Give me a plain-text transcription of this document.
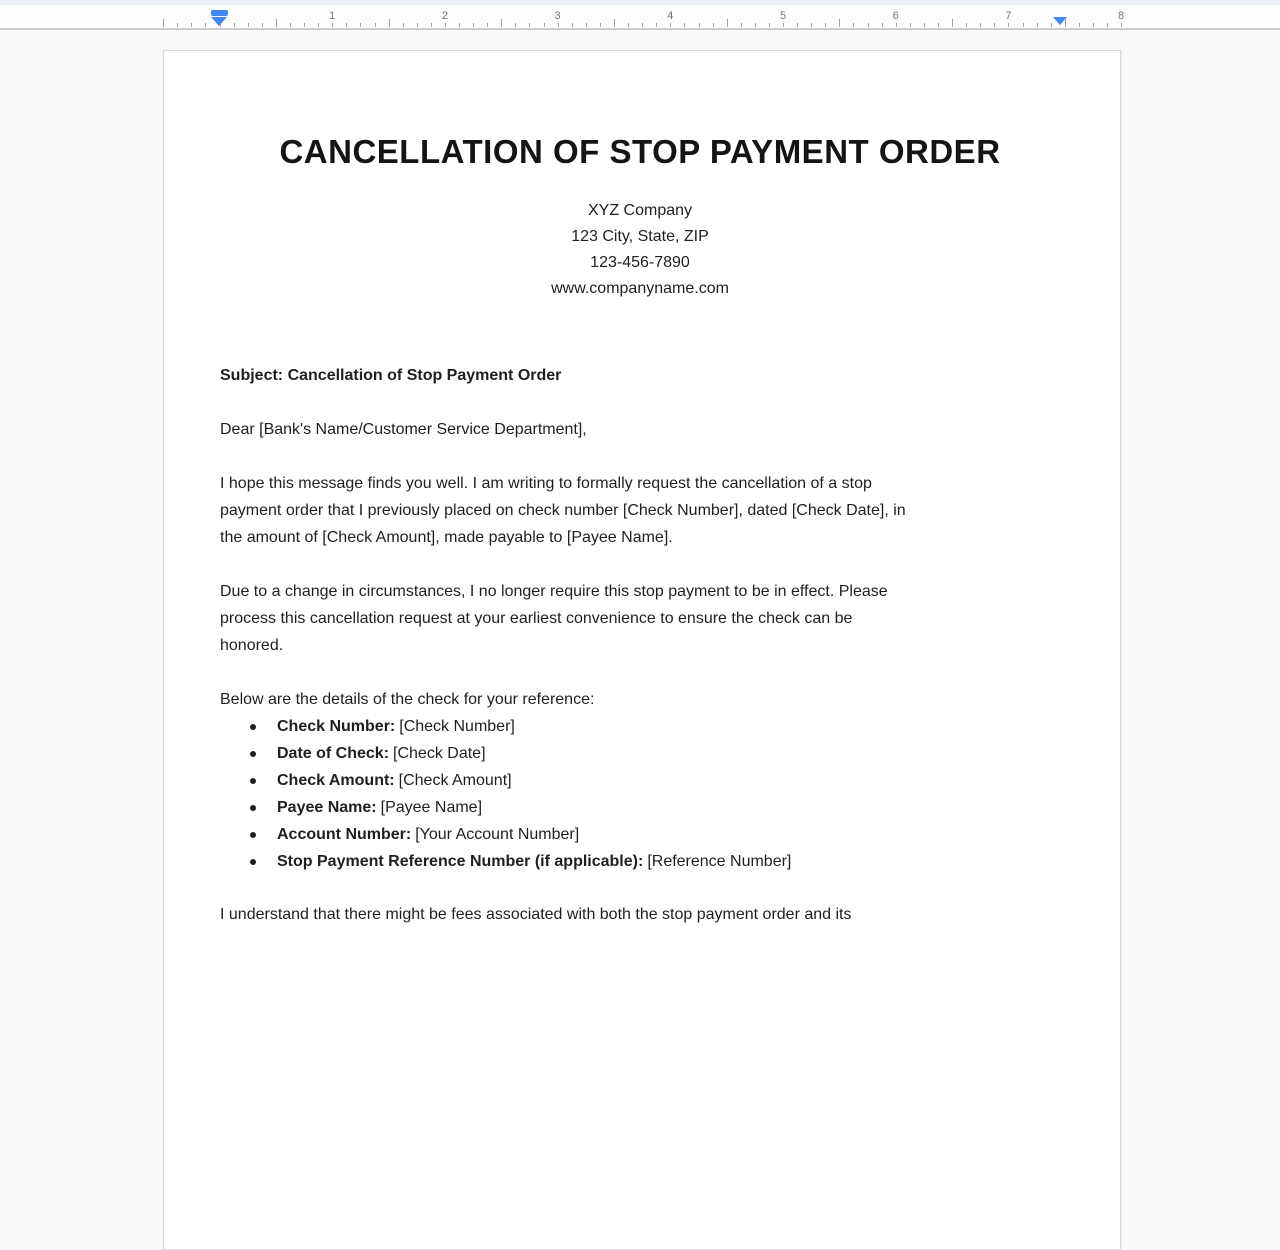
1	2	3	4	5	6	7	8
CANCELLATION OF STOP PAYMENT ORDER
XYZ Company
123 City, State, ZIP
123-456-7890
www.companyname.com
Subject: Cancellation of Stop Payment Order
Dear [Bank's Name/Customer Service Department],
I hope this message finds you well. I am writing to formally request the cancellation of a stop
payment order that I previously placed on check number [Check Number], dated [Check Date], in
the amount of [Check Amount], made payable to [Payee Name].
Due to a change in circumstances, I no longer require this stop payment to be in effect. Please
process this cancellation request at your earliest convenience to ensure the check can be
honored.
Below are the details of the check for your reference:
Check Number: [Check Number]
Date of Check: [Check Date]
Check Amount: [Check Amount]
Payee Name: [Payee Name]
Account Number: [Your Account Number]
Stop Payment Reference Number (if applicable): [Reference Number]
I understand that there might be fees associated with both the stop payment order and its
